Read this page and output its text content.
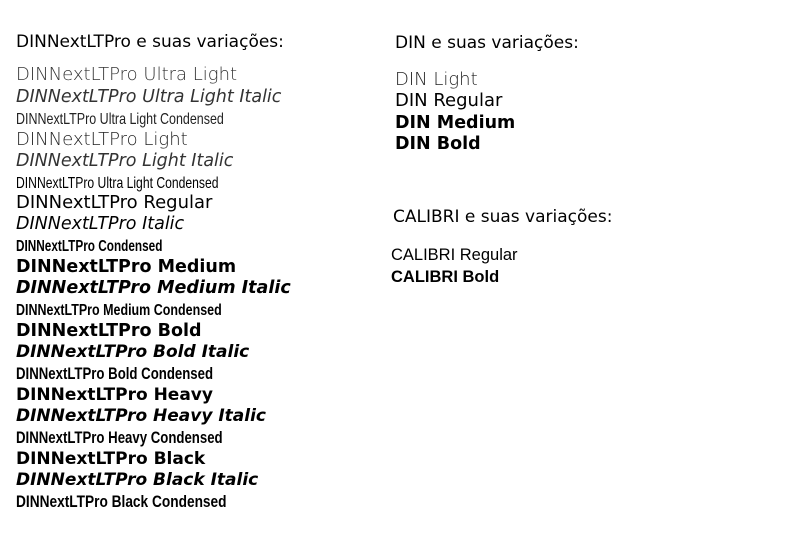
DINNextLTPro e suas variações:
DINNextLTPro Ultra Light
DINNextLTPro Ultra Light Italic
DINNextLTPro Ultra Light Condensed
DINNextLTPro Light
DINNextLTPro Light Italic
DINNextLTPro Ultra Light Condensed
DINNextLTPro Regular
DINNextLTPro Italic
DINNextLTPro Condensed
DINNextLTPro Medium
DINNextLTPro Medium Italic
DINNextLTPro Medium Condensed
DINNextLTPro Bold
DINNextLTPro Bold Italic
DINNextLTPro Bold Condensed
DINNextLTPro Heavy
DINNextLTPro Heavy Italic
DINNextLTPro Heavy Condensed
DINNextLTPro Black
DINNextLTPro Black Italic
DINNextLTPro Black Condensed
DIN e suas variações:
DIN Light
DIN Regular
DIN Medium
DIN Bold
CALIBRI e suas variações:
CALIBRI Regular
CALIBRI Bold
